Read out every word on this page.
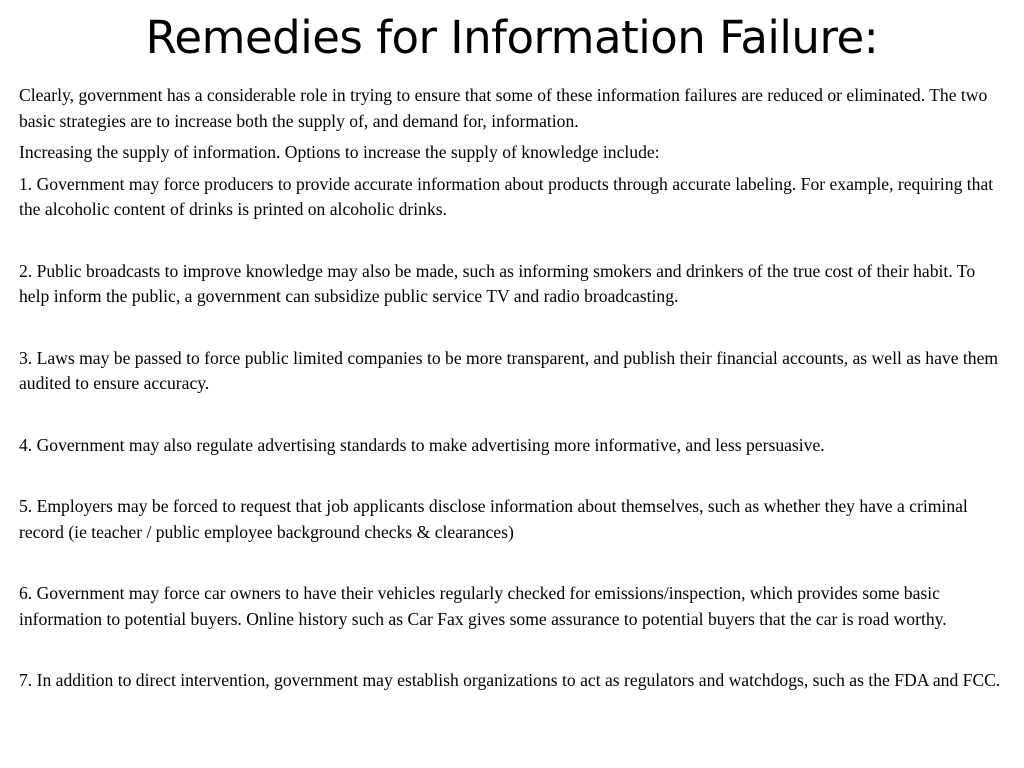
Remedies for Information Failure:

Clearly, government has a considerable role in trying to ensure that some of these information failures are reduced or eliminated. The two basic strategies are to increase both the supply of, and demand for, information.

Increasing the supply of information. Options to increase the supply of knowledge include:

1. Government may force producers to provide accurate information about products through accurate labeling. For example, requiring that the alcoholic content of drinks is printed on alcoholic drinks.

2. Public broadcasts to improve knowledge may also be made, such as informing smokers and drinkers of the true cost of their habit. To help inform the public, a government can subsidize public service TV and radio broadcasting.

3. Laws may be passed to force public limited companies to be more transparent, and publish their financial accounts, as well as have them audited to ensure accuracy.

4. Government may also regulate advertising standards to make advertising more informative, and less persuasive.

5. Employers may be forced to request that job applicants disclose information about themselves, such as whether they have a criminal record (ie teacher / public employee background checks & clearances)

6. Government may force car owners to have their vehicles regularly checked for emissions/inspection, which provides some basic information to potential buyers. Online history such as Car Fax gives some assurance to potential buyers that the car is road worthy.

7. In addition to direct intervention, government may establish organizations to act as regulators and watchdogs, such as the FDA and FCC.
